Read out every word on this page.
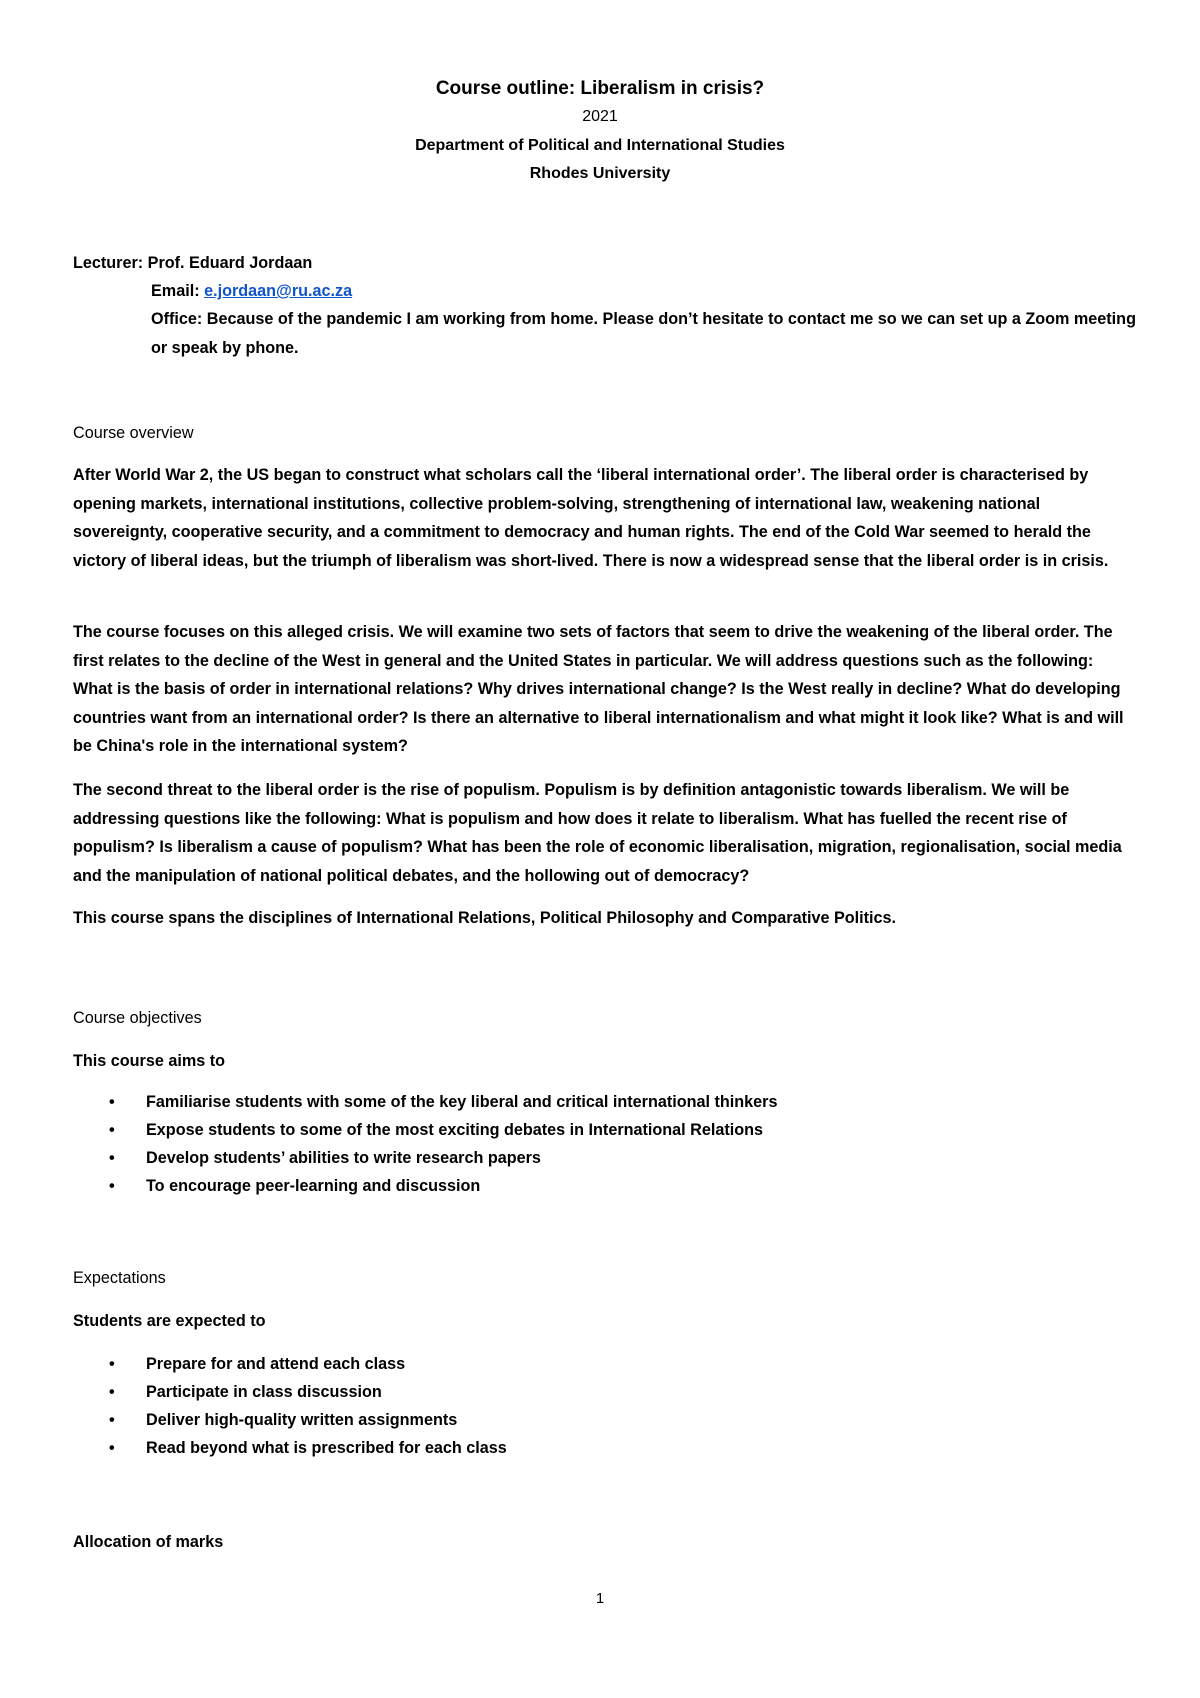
Course outline: Liberalism in crisis?
2021
Department of Political and International Studies
Rhodes University
Lecturer: Prof. Eduard Jordaan
Email: e.jordaan@ru.ac.za
Office: Because of the pandemic I am working from home. Please don’t hesitate to contact me so we can set up a Zoom meeting or speak by phone.
Course overview
After World War 2, the US began to construct what scholars call the ‘liberal international order’. The liberal order is characterised by opening markets, international institutions, collective problem-solving, strengthening of international law, weakening national sovereignty, cooperative security, and a commitment to democracy and human rights. The end of the Cold War seemed to herald the victory of liberal ideas, but the triumph of liberalism was short-lived. There is now a widespread sense that the liberal order is in crisis.
The course focuses on this alleged crisis. We will examine two sets of factors that seem to drive the weakening of the liberal order. The first relates to the decline of the West in general and the United States in particular. We will address questions such as the following: What is the basis of order in international relations? Why drives international change? Is the West really in decline? What do developing countries want from an international order? Is there an alternative to liberal internationalism and what might it look like? What is and will be China's role in the international system?
The second threat to the liberal order is the rise of populism. Populism is by definition antagonistic towards liberalism. We will be addressing questions like the following: What is populism and how does it relate to liberalism. What has fuelled the recent rise of populism? Is liberalism a cause of populism? What has been the role of economic liberalisation, migration, regionalisation, social media and the manipulation of national political debates, and the hollowing out of democracy?
This course spans the disciplines of International Relations, Political Philosophy and Comparative Politics.
Course objectives
This course aims to
• Familiarise students with some of the key liberal and critical international thinkers
• Expose students to some of the most exciting debates in International Relations
• Develop students’ abilities to write research papers
• To encourage peer-learning and discussion
Expectations
Students are expected to
• Prepare for and attend each class
• Participate in class discussion
• Deliver high-quality written assignments
• Read beyond what is prescribed for each class
Allocation of marks
1
